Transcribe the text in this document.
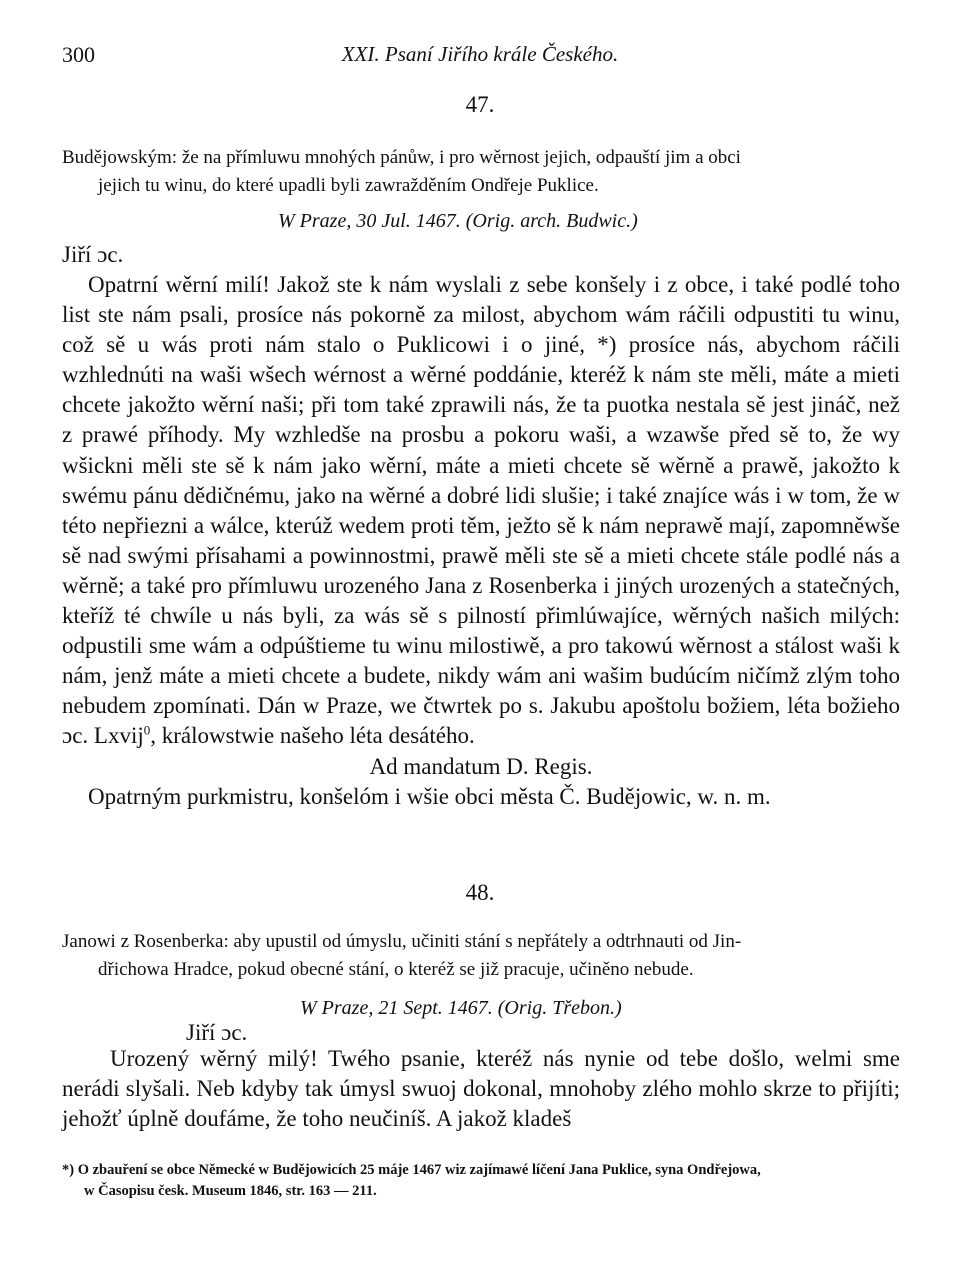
300	XXI. Psaní Jiřího krále Českého.
47.
Budějowským: že na přímluwu mnohých pánůw, i pro wěrnost jejich, odpauští jim a obci
jejich tu winu, do které upadli byli zawražděním Ondřeje Puklice.
W Praze, 30 Jul. 1467. (Orig. arch. Budwic.)
Jiří ɔc.

Opatrní wěrní milí! Jakož ste k nám wyslali z sebe konšely i z obce, i také podlé toho list ste nám psali, prosíce nás pokorně za milost, abychom wám ráčili odpustiti tu winu, což sě u wás proti nám stalo o Puklicowi i o jiné, *) prosíce nás, abychom ráčili wzhlednúti na waši wšech wérnost a wěrné poddánie, kteréž k nám ste měli, máte a mieti chcete jakožto wěrní naši; při tom také zprawili nás, že ta puotka nestala sě jest jináč, než z prawé příhody. My wzhledše na prosbu a pokoru waši, a wzawše před sě to, že wy wšickni měli ste sě k nám jako wěrní, máte a mieti chcete sě wěrně a prawě, jakožto k swému pánu dědičnému, jako na wěrné a dobré lidi slušie; i také znajíce wás i w tom, že w této nepřiezni a wálce, kterúž wedem proti těm, ježto sě k nám neprawě mají, zapomněwše sě nad swými přísahami a powinnostmi, prawě měli ste sě a mieti chcete stále podlé nás a wěrně; a také pro přímluwu urozeného Jana z Rosenberka i jiných urozených a statečných, kteříž té chwíle u nás byli, za wás sě s pilností přimlúwajíce, wěrných našich milých: odpustili sme wám a odpúštieme tu winu milostiwě, a pro takowú wěrnost a stálost waši k nám, jenž máte a mieti chcete a budete, nikdy wám ani wašim budúcím ničímž zlým toho nebudem zpomínati. Dán w Praze, we čtwrtek po s. Jakubu apoštolu božiem, léta božieho ɔc. Lxvij$^0$, králowstwie našeho léta desátého.

Ad mandatum D. Regis.

Opatrným purkmistru, konšelóm i wšie obci města Č. Budějowic, w. n. m.

48.
Janowi z Rosenberka: aby upustil od úmyslu, učiniti stání s nepřátely a odtrhnauti od Jin-
dřichowa Hradce, pokud obecné stání, o kteréž se již pracuje, učiněno nebude.
W Praze, 21 Sept. 1467. (Orig. Třebon.)
Jiří ɔc.

Urozený wěrný milý! Twého psanie, kteréž nás nynie od tebe došlo, welmi sme nerádi slyšali. Neb kdyby tak úmysl swuoj dokonal, mnohoby zlého mohlo skrze to přijíti; jehožť úplně doufáme, že toho neučiníš. A jakož kladeš

*) O zbauření se obce Německé w Budějowicích 25 máje 1467 wiz zajímawé líčení Jana Puklice, syna Ondřejowa,
w Časopisu česk. Museum 1846, str. 163 — 211.
